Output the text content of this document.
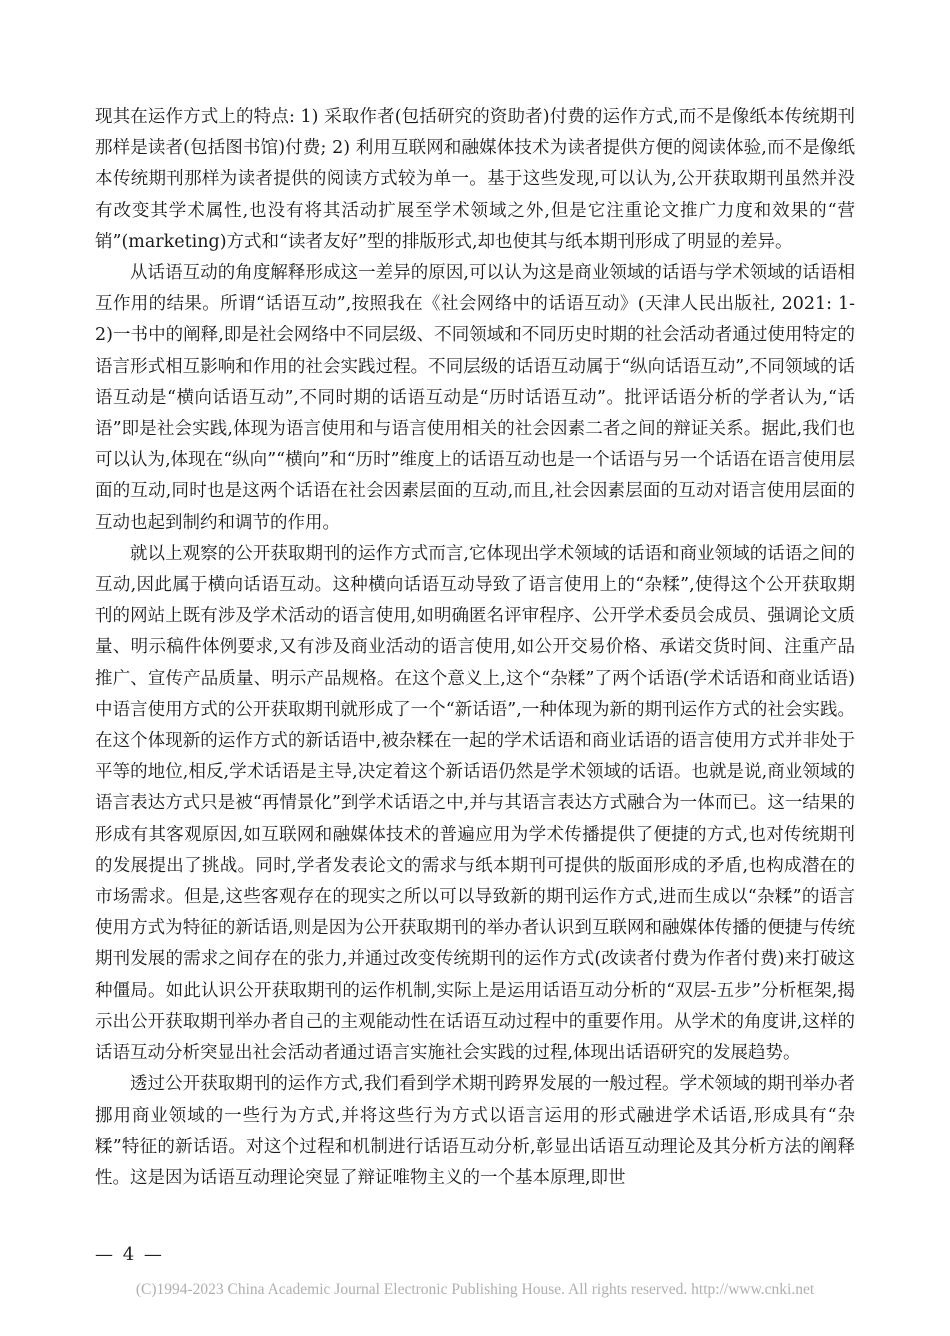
现其在运作方式上的特点: 1) 采取作者(包括研究的资助者)付费的运作方式,而不是像纸本传统期刊那样是读者(包括图书馆)付费; 2) 利用互联网和融媒体技术为读者提供方便的阅读体验,而不是像纸本传统期刊那样为读者提供的阅读方式较为单一。基于这些发现,可以认为,公开获取期刊虽然并没有改变其学术属性,也没有将其活动扩展至学术领域之外,但是它注重论文推广力度和效果的“营销”(marketing)方式和“读者友好”型的排版形式,却也使其与纸本期刊形成了明显的差异。

从话语互动的角度解释形成这一差异的原因,可以认为这是商业领域的话语与学术领域的话语相互作用的结果。所谓“话语互动”,按照我在《社会网络中的话语互动》(天津人民出版社, 2021: 1-2)一书中的阐释,即是社会网络中不同层级、不同领域和不同历史时期的社会活动者通过使用特定的语言形式相互影响和作用的社会实践过程。不同层级的话语互动属于“纵向话语互动”,不同领域的话语互动是“横向话语互动”,不同时期的话语互动是“历时话语互动”。批评话语分析的学者认为,“话语”即是社会实践,体现为语言使用和与语言使用相关的社会因素二者之间的辩证关系。据此,我们也可以认为,体现在“纵向”“横向”和“历时”维度上的话语互动也是一个话语与另一个话语在语言使用层面的互动,同时也是这两个话语在社会因素层面的互动,而且,社会因素层面的互动对语言使用层面的互动也起到制约和调节的作用。

就以上观察的公开获取期刊的运作方式而言,它体现出学术领域的话语和商业领域的话语之间的互动,因此属于横向话语互动。这种横向话语互动导致了语言使用上的“杂糅”,使得这个公开获取期刊的网站上既有涉及学术活动的语言使用,如明确匿名评审程序、公开学术委员会成员、强调论文质量、明示稿件体例要求,又有涉及商业活动的语言使用,如公开交易价格、承诺交货时间、注重产品推广、宣传产品质量、明示产品规格。在这个意义上,这个“杂糅”了两个话语(学术话语和商业话语)中语言使用方式的公开获取期刊就形成了一个“新话语”,一种体现为新的期刊运作方式的社会实践。在这个体现新的运作方式的新话语中,被杂糅在一起的学术话语和商业话语的语言使用方式并非处于平等的地位,相反,学术话语是主导,决定着这个新话语仍然是学术领域的话语。也就是说,商业领域的语言表达方式只是被“再情景化”到学术话语之中,并与其语言表达方式融合为一体而已。这一结果的形成有其客观原因,如互联网和融媒体技术的普遍应用为学术传播提供了便捷的方式,也对传统期刊的发展提出了挑战。同时,学者发表论文的需求与纸本期刊可提供的版面形成的矛盾,也构成潜在的市场需求。但是,这些客观存在的现实之所以可以导致新的期刊运作方式,进而生成以“杂糅”的语言使用方式为特征的新话语,则是因为公开获取期刊的举办者认识到互联网和融媒体传播的便捷与传统期刊发展的需求之间存在的张力,并通过改变传统期刊的运作方式(改读者付费为作者付费)来打破这种僵局。如此认识公开获取期刊的运作机制,实际上是运用话语互动分析的“双层-五步”分析框架,揭示出公开获取期刊举办者自己的主观能动性在话语互动过程中的重要作用。从学术的角度讲,这样的话语互动分析突显出社会活动者通过语言实施社会实践的过程,体现出话语研究的发展趋势。

透过公开获取期刊的运作方式,我们看到学术期刊跨界发展的一般过程。学术领域的期刊举办者挪用商业领域的一些行为方式,并将这些行为方式以语言运用的形式融进学术话语,形成具有“杂糅”特征的新话语。对这个过程和机制进行话语互动分析,彰显出话语互动理论及其分析方法的阐释性。这是因为话语互动理论突显了辩证唯物主义的一个基本原理,即世

— 4 —
(C)1994-2023 China Academic Journal Electronic Publishing House. All rights reserved. http://www.cnki.net
